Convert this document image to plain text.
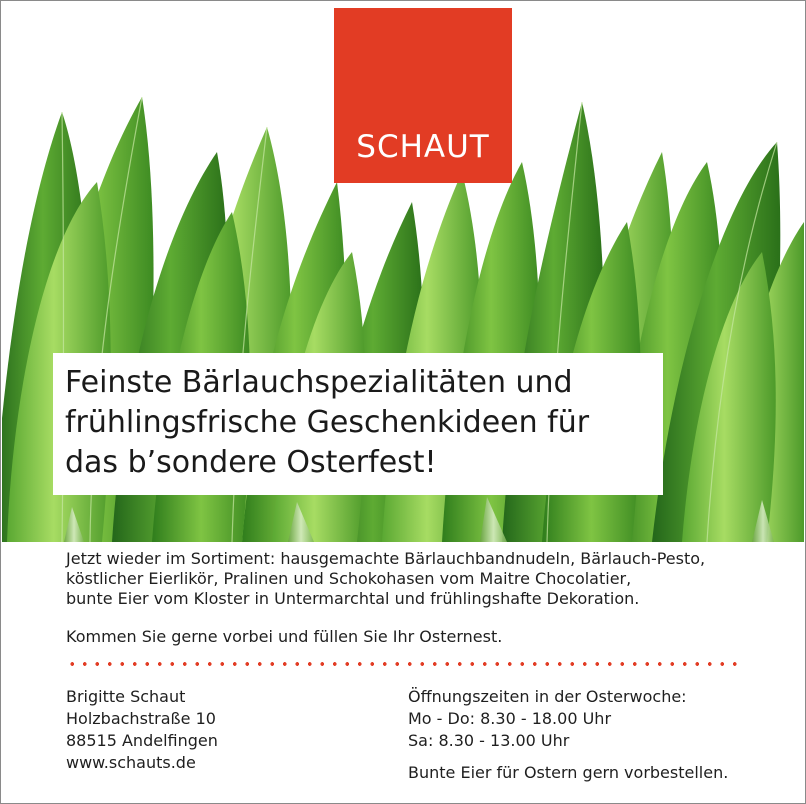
SCHAUT
Feinste Bärlauchspezialitäten und
frühlingsfrische Geschenkideen für
das b’sondere Osterfest!
Jetzt wieder im Sortiment: hausgemachte Bärlauchbandnudeln, Bärlauch-Pesto,
köstlicher Eierlikör, Pralinen und Schokohasen vom Maitre Chocolatier,
bunte Eier vom Kloster in Untermarchtal und frühlingshafte Dekoration.
Kommen Sie gerne vorbei und füllen Sie Ihr Osternest.
Brigitte Schaut
Holzbachstraße 10
88515 Andelfingen
www.schauts.de
Öffnungszeiten in der Osterwoche:
Mo - Do: 8.30 - 18.00 Uhr
Sa: 8.30 - 13.00 Uhr
Bunte Eier für Ostern gern vorbestellen.
